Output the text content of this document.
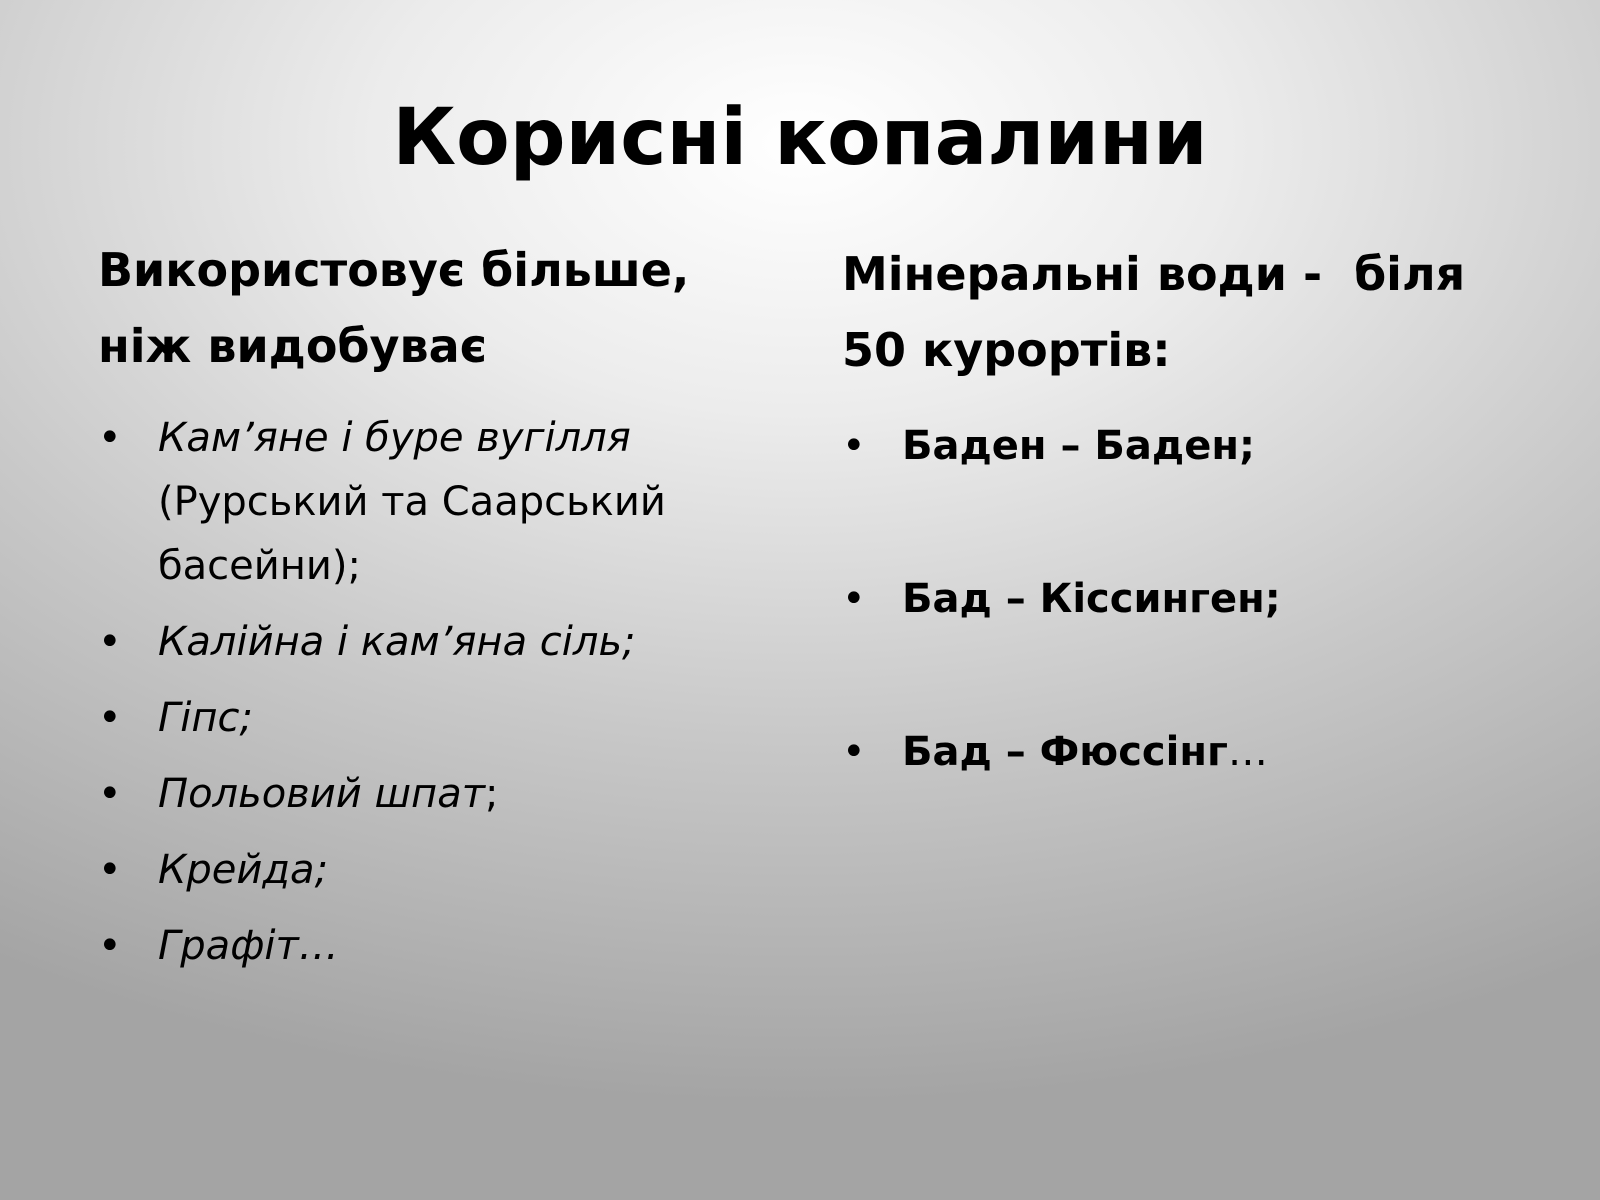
Корисні копалини
Використовує більше,
ніж видобуває
• Кам’яне і буре вугілля
(Рурський та Саарський басейни);
• Калійна і кам’яна сіль;
• Гіпс;
• Польовий шпат;
• Крейда;
• Графіт…
Мінеральні води -  біля
50 курортів:
• Баден – Баден;
• Бад – Кіссинген;
• Бад – Фюссінг…
